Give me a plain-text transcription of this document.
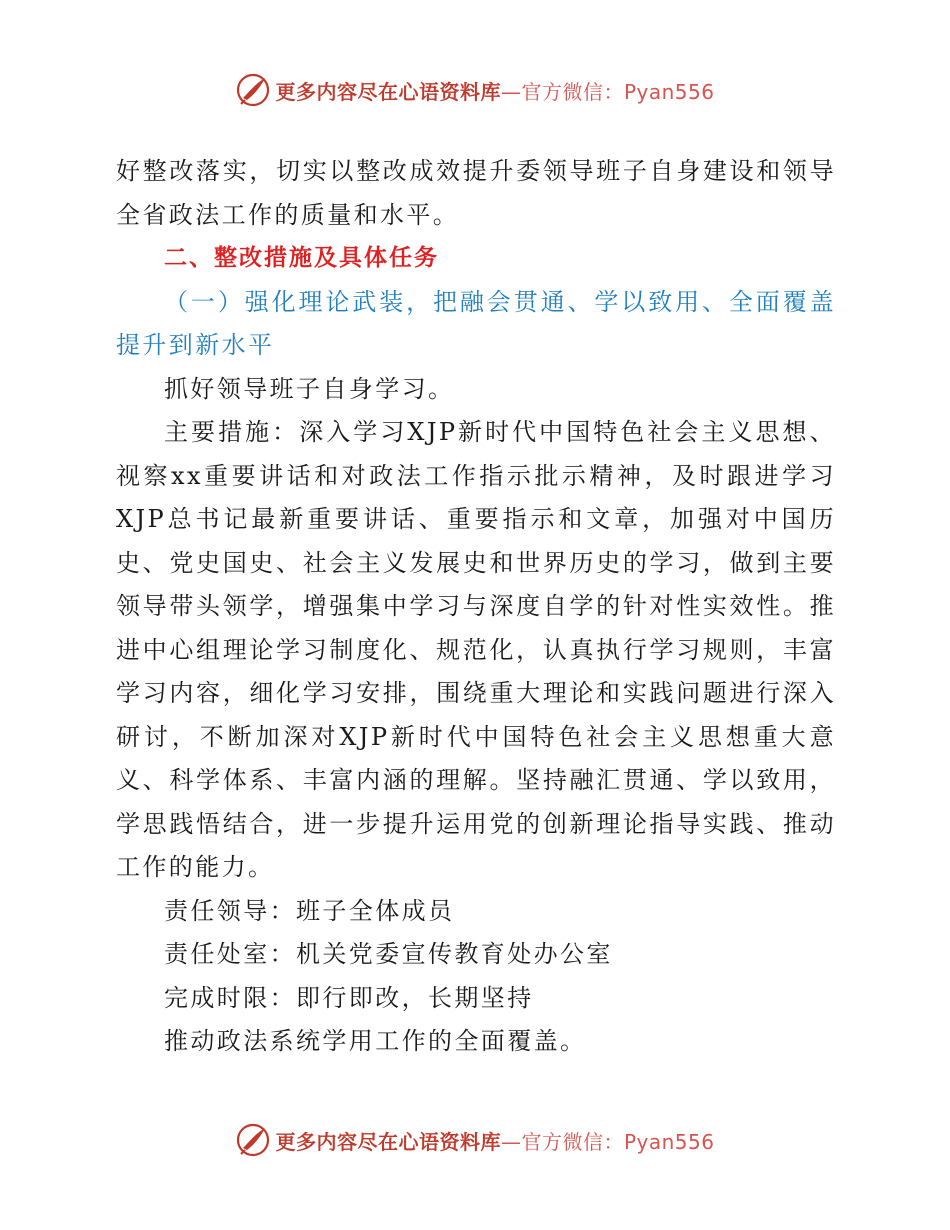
更多内容尽在心语资料库 —官方微信：Pyan556

好整改落实，切实以整改成效提升委领导班子自身建设和领导全省政法工作的质量和水平。

二、整改措施及具体任务

（一）强化理论武装，把融会贯通、学以致用、全面覆盖提升到新水平

抓好领导班子自身学习。

主要措施：深入学习XJP新时代中国特色社会主义思想、视察xx重要讲话和对政法工作指示批示精神，及时跟进学习XJP总书记最新重要讲话、重要指示和文章，加强对中国历史、党史国史、社会主义发展史和世界历史的学习，做到主要领导带头领学，增强集中学习与深度自学的针对性实效性。推进中心组理论学习制度化、规范化，认真执行学习规则，丰富学习内容，细化学习安排，围绕重大理论和实践问题进行深入研讨，不断加深对XJP新时代中国特色社会主义思想重大意义、科学体系、丰富内涵的理解。坚持融汇贯通、学以致用，学思践悟结合，进一步提升运用党的创新理论指导实践、推动工作的能力。

责任领导：班子全体成员

责任处室：机关党委宣传教育处办公室

完成时限：即行即改，长期坚持

推动政法系统学用工作的全面覆盖。

更多内容尽在心语资料库 —官方微信：Pyan556
